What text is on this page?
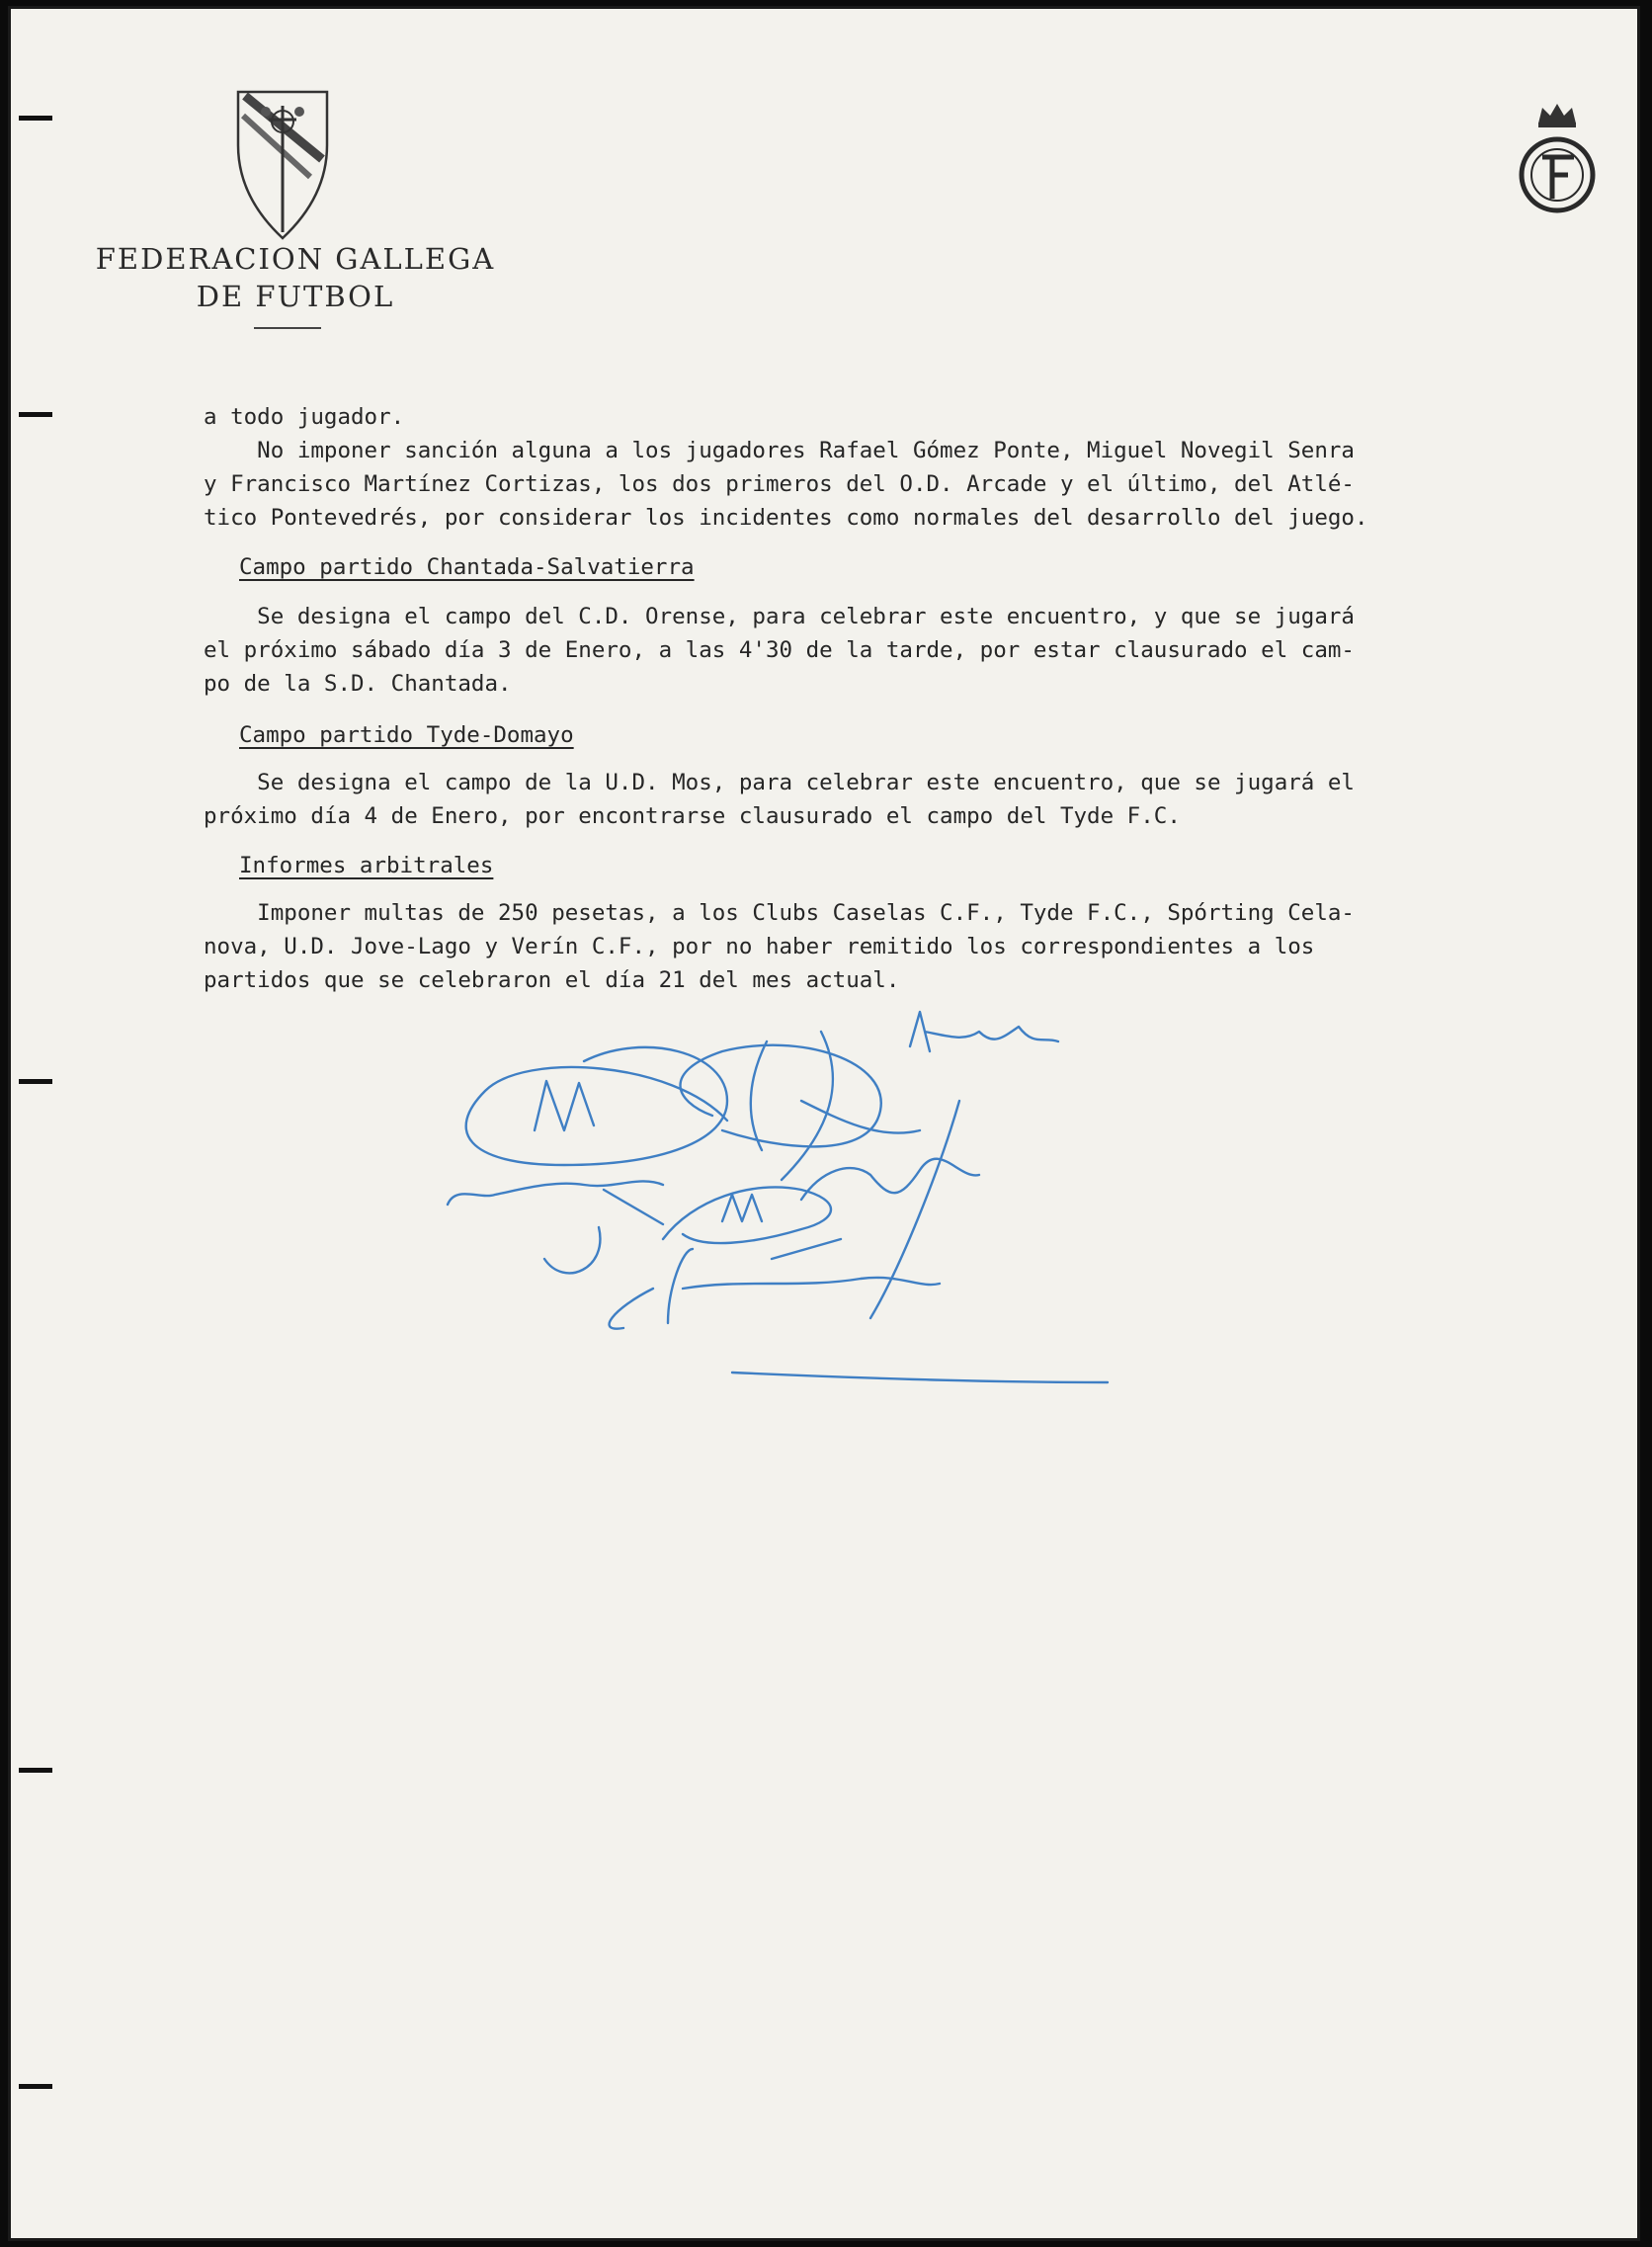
FEDERACION GALLEGA
DE FUTBOL
a todo jugador.
No imponer sanción alguna a los jugadores Rafael Gómez Ponte, Miguel Novegil Senra
y Francisco Martínez Cortizas, los dos primeros del O.D. Arcade y el último, del Atlé-
tico Pontevedrés, por considerar los incidentes como normales del desarrollo del juego.
Campo partido Chantada-Salvatierra
Se designa el campo del C.D. Orense, para celebrar este encuentro, y que se jugará
el próximo sábado día 3 de Enero, a las 4'30 de la tarde, por estar clausurado el cam-
po de la S.D. Chantada.
Campo partido Tyde-Domayo
Se designa el campo de la U.D. Mos, para celebrar este encuentro, que se jugará el
próximo día 4 de Enero, por encontrarse clausurado el campo del Tyde F.C.
Informes arbitrales
Imponer multas de 250 pesetas, a los Clubs Caselas C.F., Tyde F.C., Spórting Cela-
nova, U.D. Jove-Lago y Verín C.F., por no haber remitido los correspondientes a los
partidos que se celebraron el día 21 del mes actual.
